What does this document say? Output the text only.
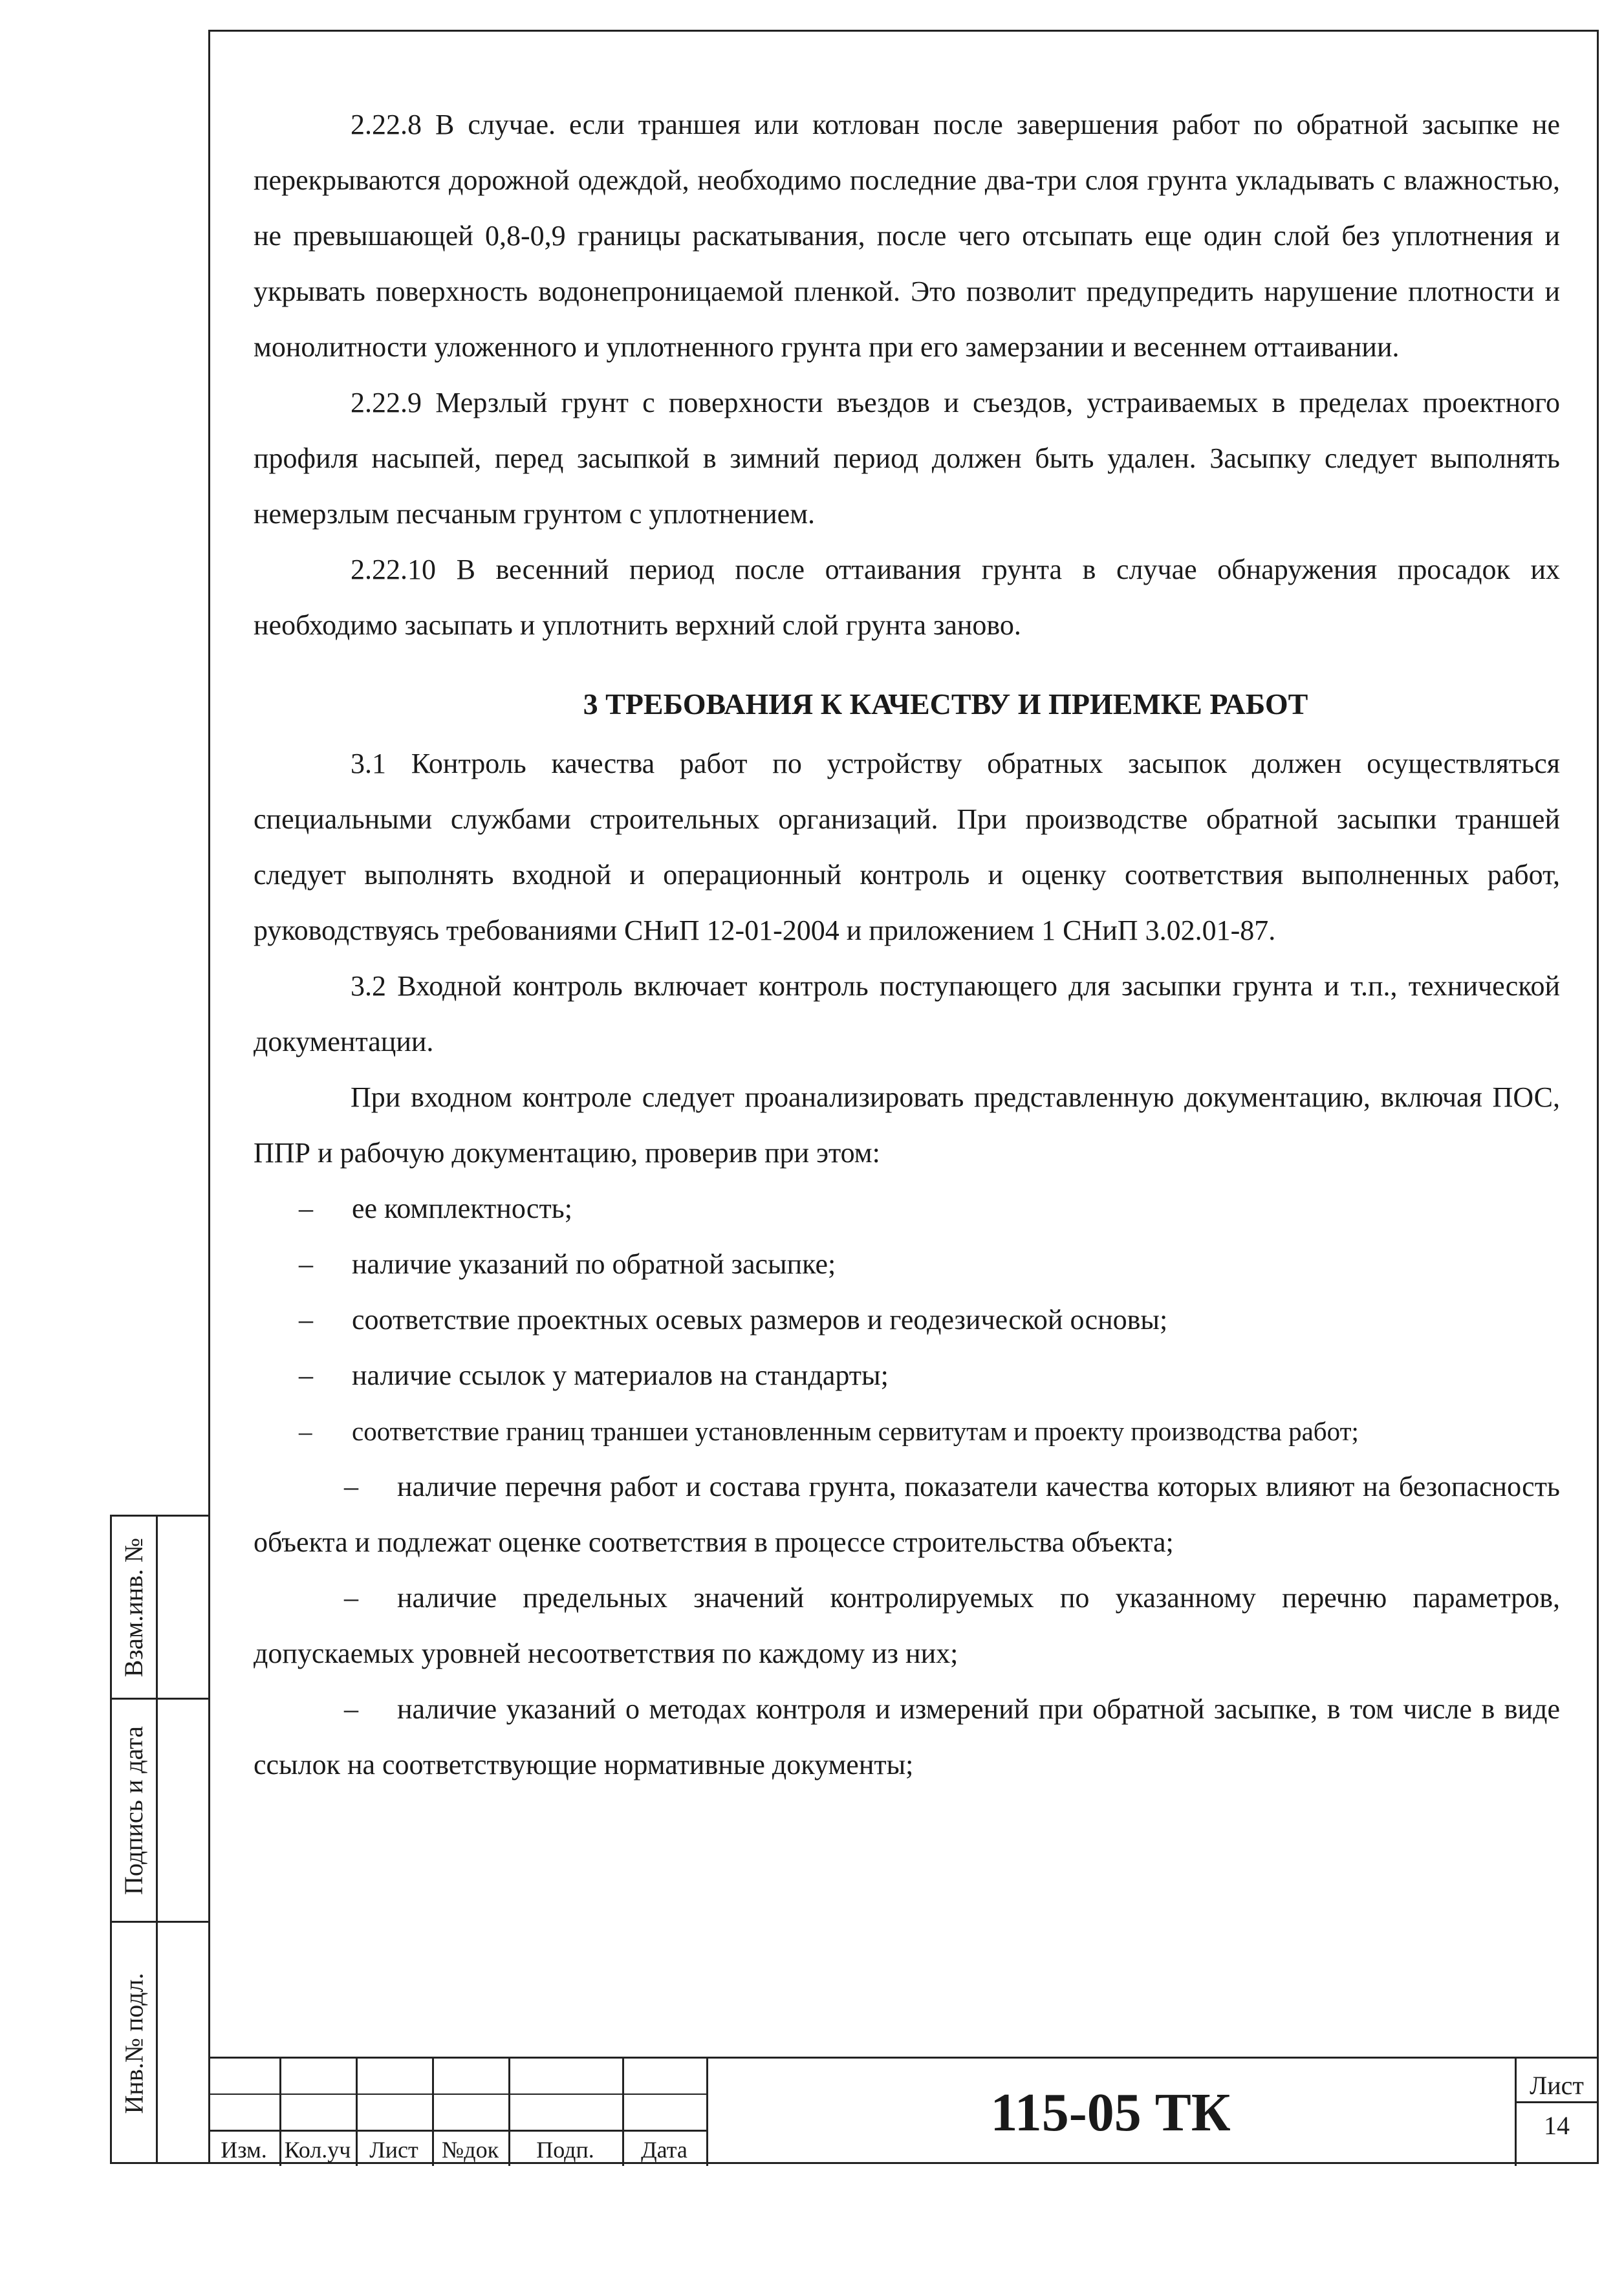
2.22.8 В случае. если траншея или котлован после завершения работ по обратной засыпке не перекрываются дорожной одеждой, необходимо последние два-три слоя грунта укладывать с влажностью, не превышающей 0,8-0,9 границы раскатывания, после чего отсыпать еще один слой без уплотнения и укрывать поверхность водонепроницаемой пленкой. Это позволит предупредить нарушение плотности и монолитности уложенного и уплотненного грунта при его замерзании и весеннем оттаивании.

2.22.9 Мерзлый грунт с поверхности въездов и съездов, устраиваемых в пределах проектного профиля насыпей, перед засыпкой в зимний период должен быть удален. Засыпку следует выполнять немерзлым песчаным грунтом с уплотнением.

2.22.10 В весенний период после оттаивания грунта в случае обнаружения просадок их необходимо засыпать и уплотнить верхний слой грунта заново.

3 ТРЕБОВАНИЯ К КАЧЕСТВУ И ПРИЕМКЕ РАБОТ

3.1 Контроль качества работ по устройству обратных засыпок должен осуществляться специальными службами строительных организаций. При производстве обратной засыпки траншей следует выполнять входной и операционный контроль и оценку соответствия выполненных работ, руководствуясь требованиями СНиП 12-01-2004 и приложением 1 СНиП 3.02.01-87.

3.2 Входной контроль включает контроль поступающего для засыпки грунта и т.п., технической документации.

При входном контроле следует проанализировать представленную документацию, включая ПОС, ППР и рабочую документацию, проверив при этом:

– ее комплектность;

– наличие указаний по обратной засыпке;

– соответствие проектных осевых размеров и геодезической основы;

– наличие ссылок у материалов на стандарты;

– соответствие границ траншеи установленным сервитутам и проекту производства работ;

– наличие перечня работ и состава грунта, показатели качества которых влияют на безопасность объекта и подлежат оценке соответствия в процессе строительства объекта;

– наличие предельных значений контролируемых по указанному перечню параметров, допускаемых уровней несоответствия по каждому из них;

– наличие указаний о методах контроля и измерений при обратной засыпке, в том числе в виде ссылок на соответствующие нормативные документы;

Взам.инв. №
Подпись и дата
Инв.№ подл.
Изм. Кол.уч Лист	№док	Подп.	Дата
115-05 ТК	Лист
14
